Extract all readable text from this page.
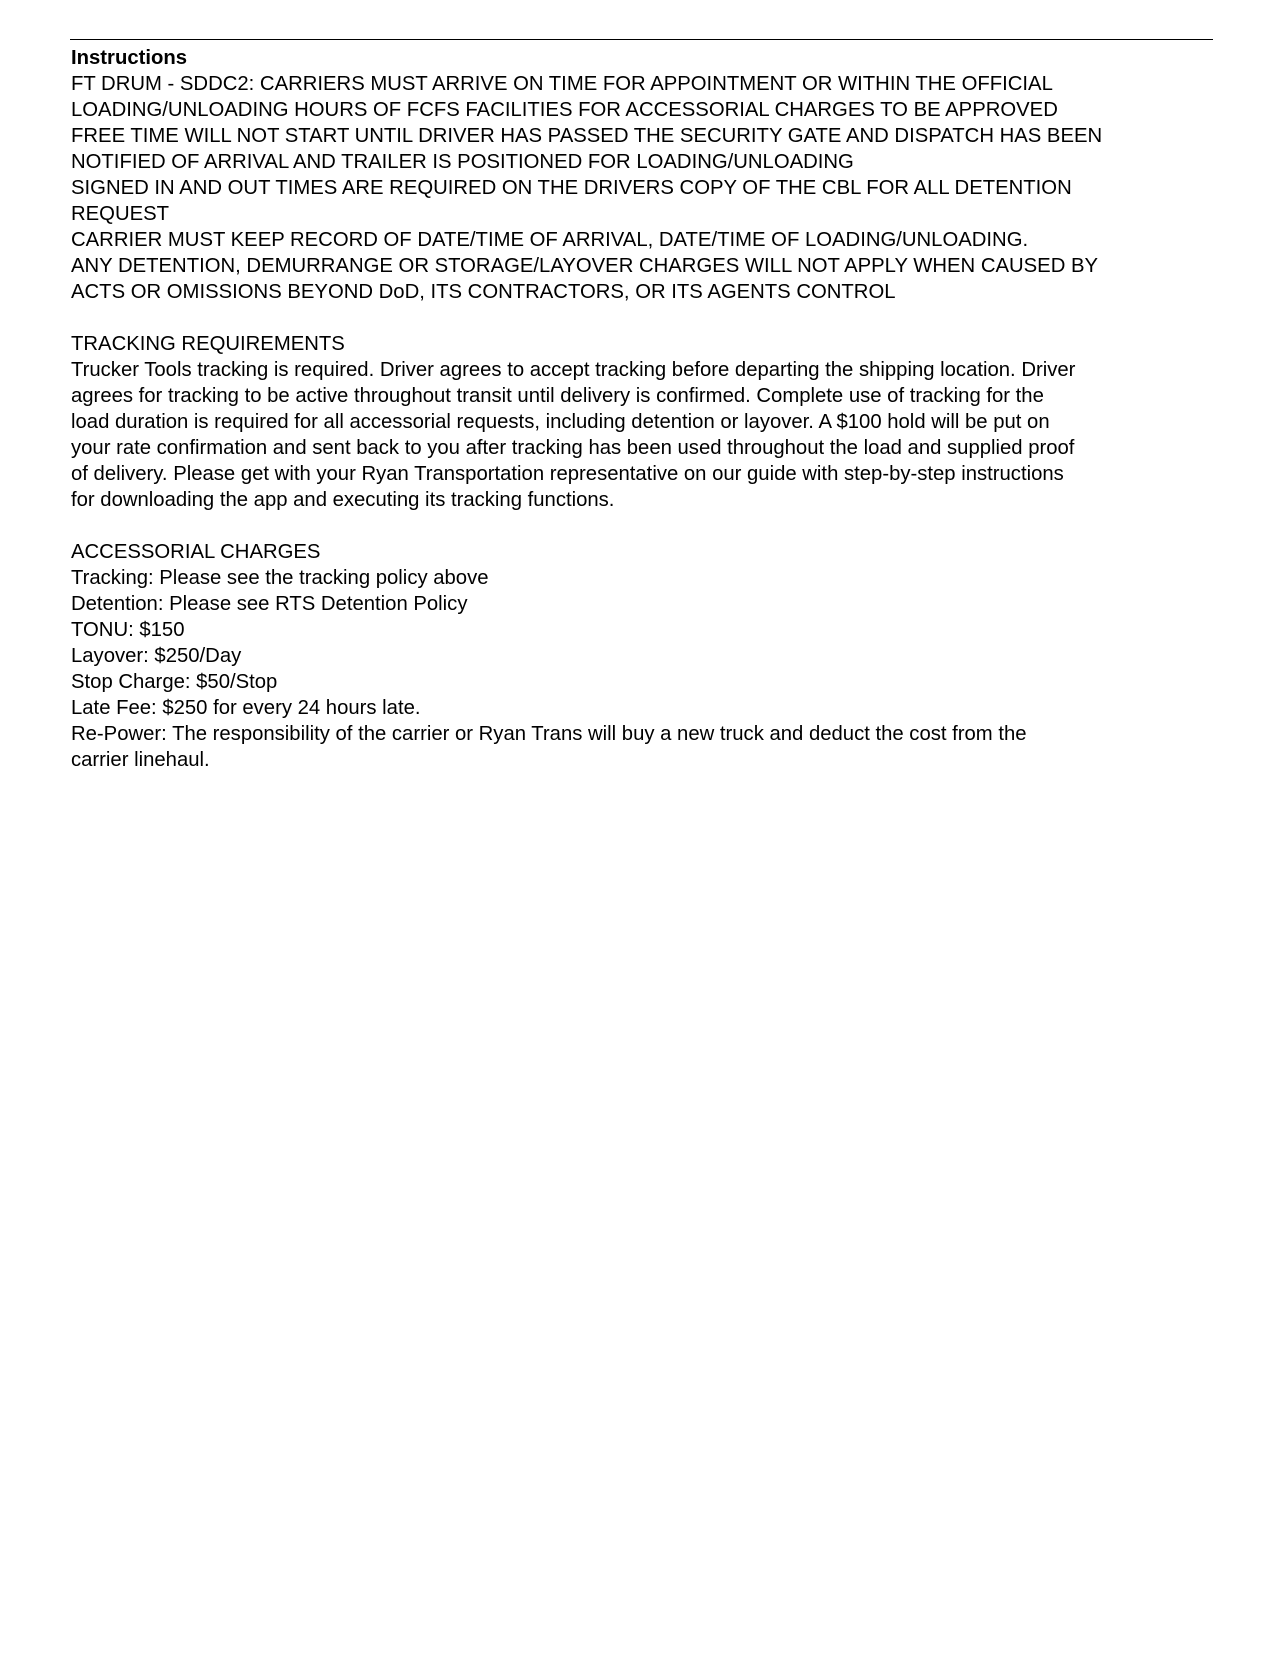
Instructions
FT DRUM - SDDC2: CARRIERS MUST ARRIVE ON TIME FOR APPOINTMENT OR WITHIN THE OFFICIAL
LOADING/UNLOADING HOURS OF FCFS FACILITIES FOR ACCESSORIAL CHARGES TO BE APPROVED
FREE TIME WILL NOT START UNTIL DRIVER HAS PASSED THE SECURITY GATE AND DISPATCH HAS BEEN
NOTIFIED OF ARRIVAL AND TRAILER IS POSITIONED FOR LOADING/UNLOADING
SIGNED IN AND OUT TIMES ARE REQUIRED ON THE DRIVERS COPY OF THE CBL FOR ALL DETENTION
REQUEST
CARRIER MUST KEEP RECORD OF DATE/TIME OF ARRIVAL, DATE/TIME OF LOADING/UNLOADING.
ANY DETENTION, DEMURRANGE OR STORAGE/LAYOVER CHARGES WILL NOT APPLY WHEN CAUSED BY
ACTS OR OMISSIONS BEYOND DoD, ITS CONTRACTORS, OR ITS AGENTS CONTROL
TRACKING REQUIREMENTS
Trucker Tools tracking is required. Driver agrees to accept tracking before departing the shipping location. Driver
agrees for tracking to be active throughout transit until delivery is confirmed. Complete use of tracking for the
load duration is required for all accessorial requests, including detention or layover. A $100 hold will be put on
your rate confirmation and sent back to you after tracking has been used throughout the load and supplied proof
of delivery. Please get with your Ryan Transportation representative on our guide with step-by-step instructions
for downloading the app and executing its tracking functions.
ACCESSORIAL CHARGES
Tracking: Please see the tracking policy above
Detention: Please see RTS Detention Policy
TONU: $150
Layover: $250/Day
Stop Charge: $50/Stop
Late Fee: $250 for every 24 hours late.
Re-Power: The responsibility of the carrier or Ryan Trans will buy a new truck and deduct the cost from the
carrier linehaul.
